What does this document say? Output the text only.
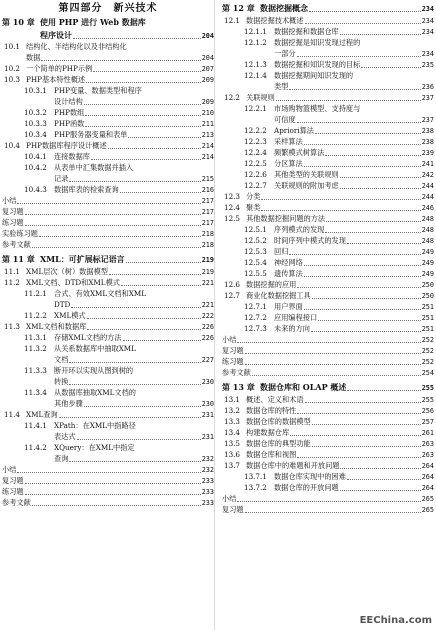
第四部分　新兴技术
第 10 章 使用 PHP 进行 Web 数据库
程序设计	204
10.1 结构化、半结构化以及非结构化
数据	204
10.2 一个简单的PHP示例	207
10.3 PHP基本特性概述	209
10.3.1 PHP变量、数据类型和程序
设计结构	209
10.3.2 PHP数组	210
10.3.3 PHP函数	211
10.3.4 PHP服务器变量和表单	213
10.4 PHP数据库程序设计概述	214
10.4.1 连接数据库	214
10.4.2 从表单中汇集数据并插入
记录	215
10.4.3 数据库表的检索查询	216
小结	217
复习题	217
练习题	217
实验练习题	218
参考文献	218
第 11 章 XML：可扩展标记语言	219
11.1 XML层次（树）数据模型	219
11.2 XML文档、DTD和XML模式	221
11.2.1 合式、有效XML文档和XML
DTD	221
11.2.2 XML模式	222
11.3 XML文档和数据库	226
11.3.1 存储XML文档的方法	226
11.3.2 从关系数据库中抽取XML
文档	227
11.3.3 断开环以实现从图到树的
转换	230
11.3.4 从数据库抽取XML文档的
其他步骤	230
11.4 XML查询	231
11.4.1 XPath：在XML中指路径
表达式	231
11.4.2 XQuery：在XML中指定
查询	232
小结	232
复习题	233
练习题	233
参考文献	233
第 12 章 数据挖掘概念	234
12.1 数据挖掘技术概述	234
12.1.1 数据挖掘和数据仓库	234
12.1.2 数据挖掘是知识发现过程的
一部分	234
12.1.3 数据挖掘和知识发现的目标	235
12.1.4 数据挖掘期间知识发现的
类型	236
12.2 关联规则	237
12.2.1 市场购物篮模型、支持度与
可信度	237
12.2.2 Apriori算法	238
12.2.3 采样算法	238
12.2.4 频繁模式树算法	239
12.2.5 分区算法	241
12.2.6 其他类型的关联规则	242
12.2.7 关联规则的附加考虑	244
12.3 分类	244
12.4 聚类	246
12.5 其他数据挖掘问题的方法	248
12.5.1 序列模式的发现	248
12.5.2 时间序列中模式的发现	248
12.5.3 回归	249
12.5.4 神经网络	249
12.5.5 遗传算法	249
12.6 数据挖掘的应用	250
12.7 商业化数据挖掘工具	250
12.7.1 用户界面	251
12.7.2 应用编程接口	251
12.7.3 未来的方向	251
小结	252
复习题	252
练习题	252
参考文献	254
第 13 章 数据仓库和 OLAP 概述	255
13.1 概述、定义和术语	255
13.2 数据仓库的特性	256
13.3 数据仓库的数据模型	257
13.4 构建数据仓库	261
13.5 数据仓库的典型功能	263
13.6 数据仓库和视图	263
13.7 数据仓库中的难题和开放问题	264
13.7.1 数据仓库实现中的困难	264
13.7.2 数据仓库的开放问题	264
小结	265
复习题	265
EEChina.com
